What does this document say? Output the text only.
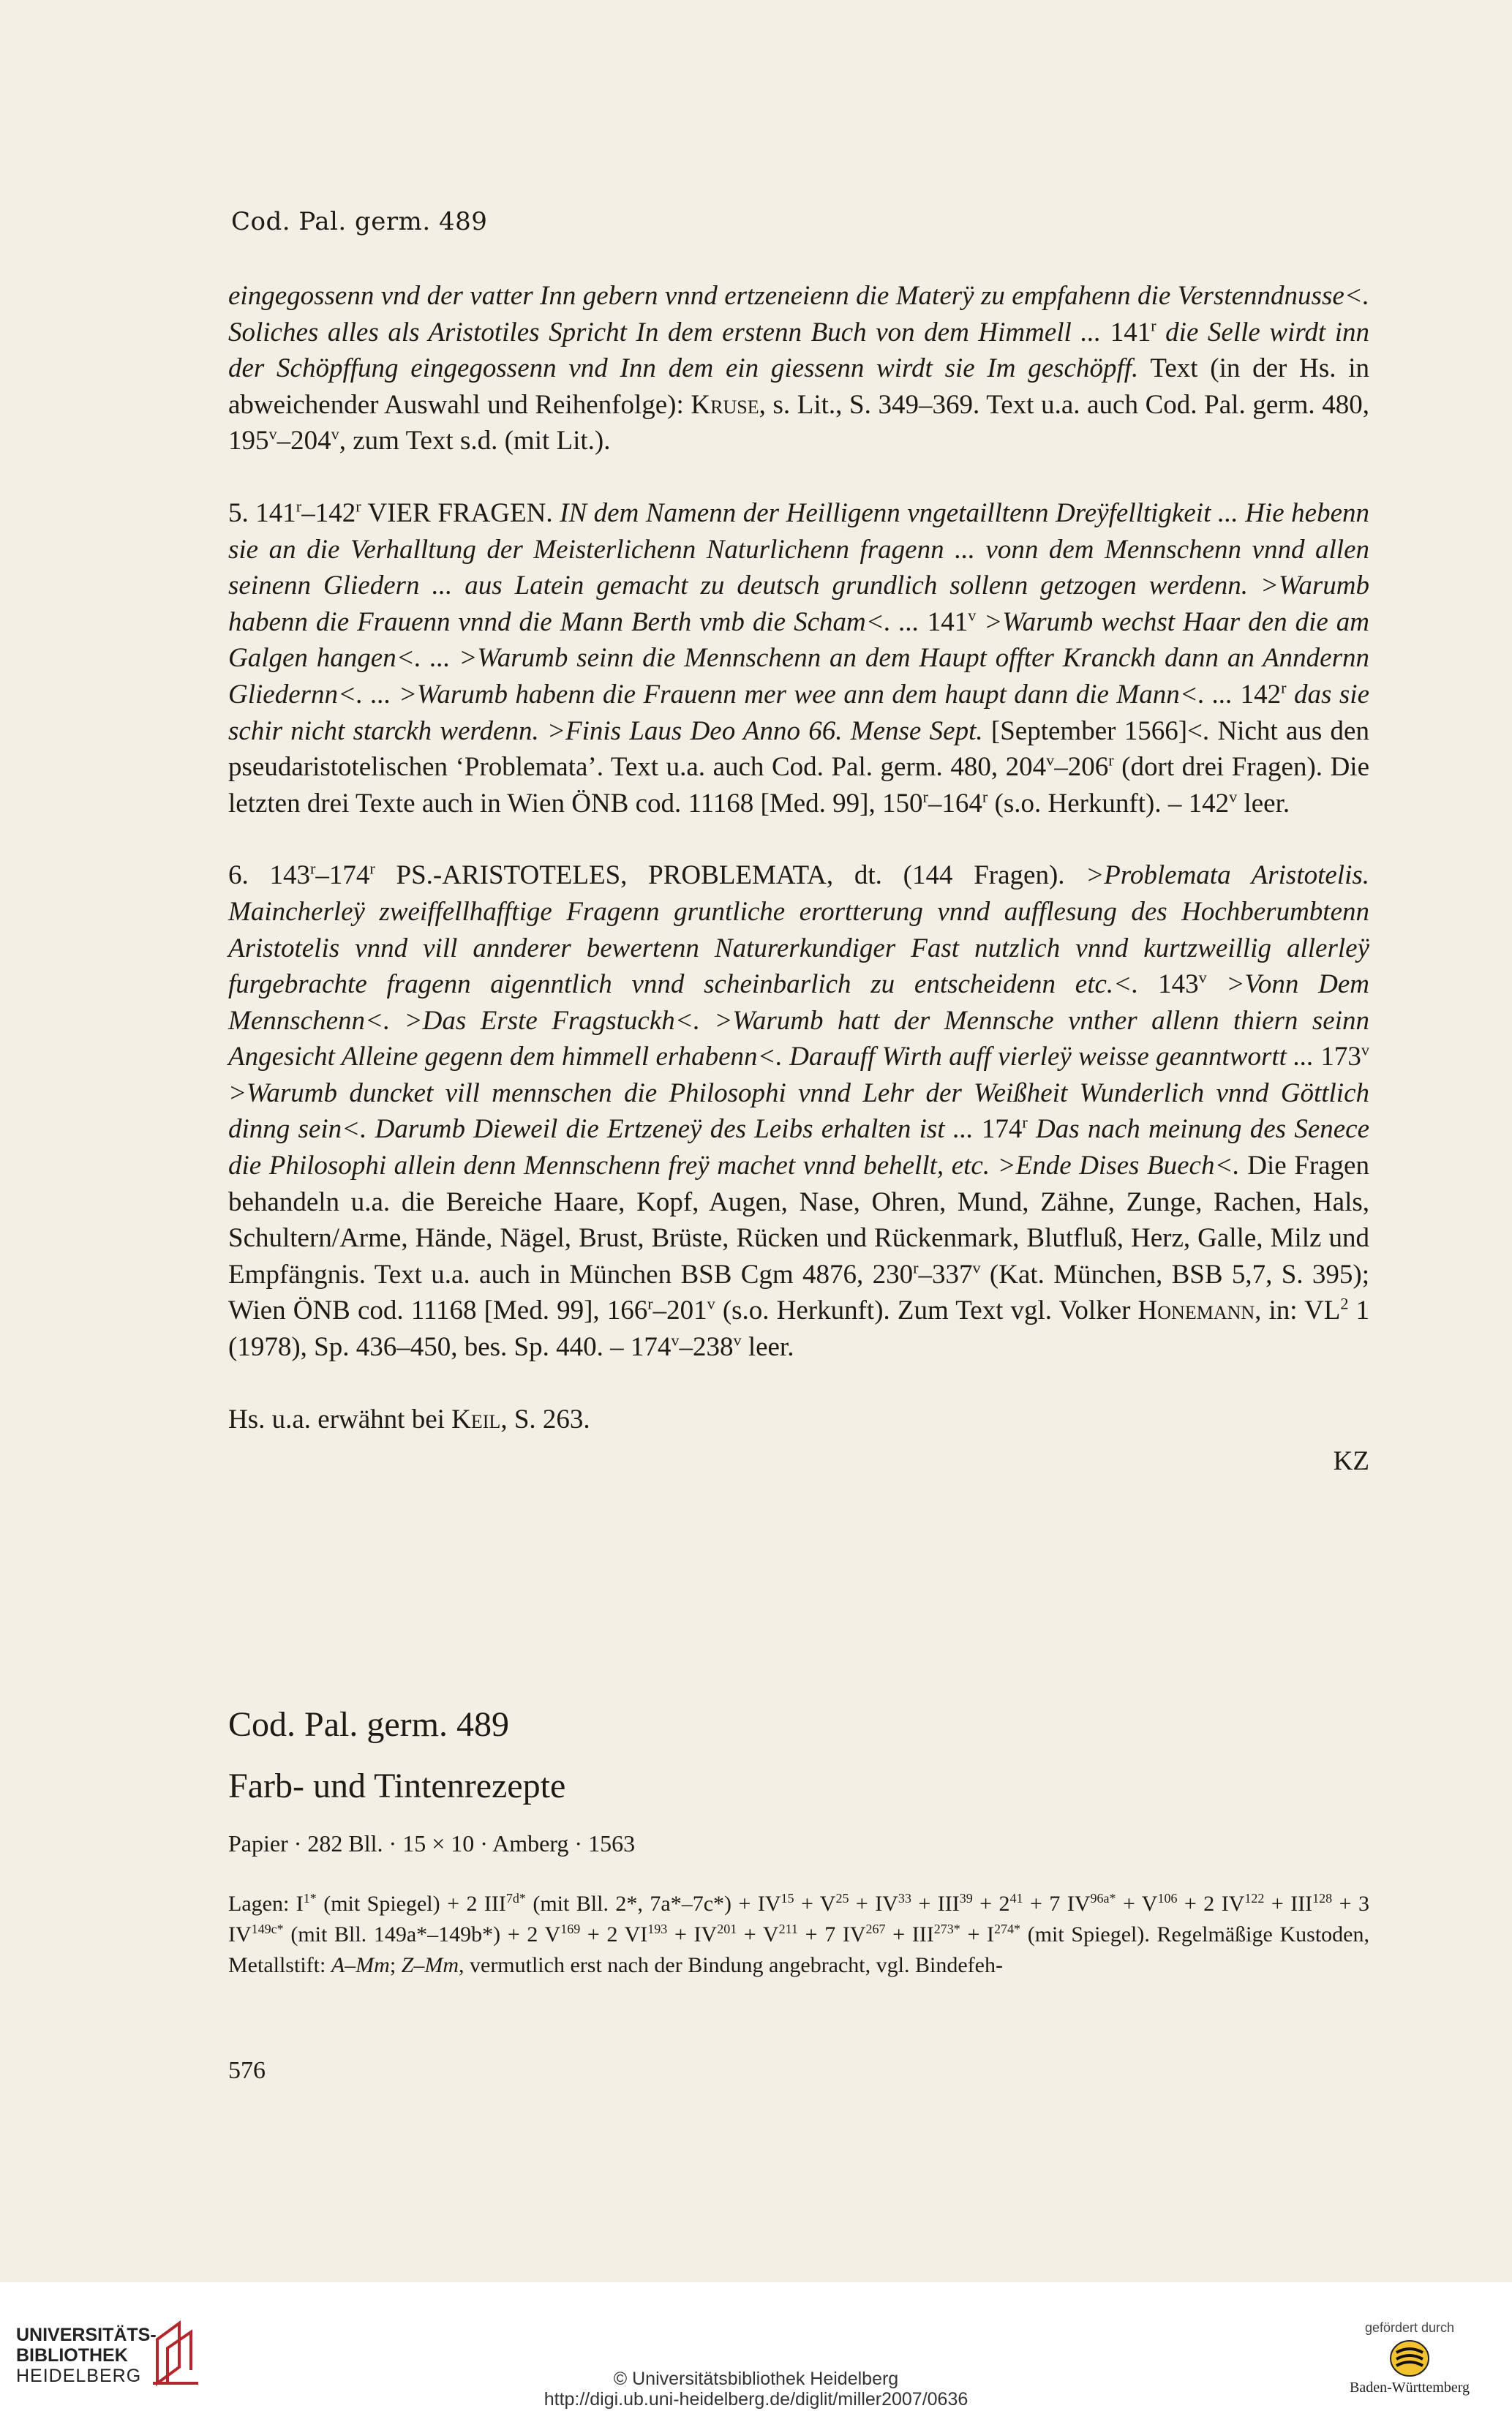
Cod. Pal. germ. 489

eingegossenn vnd der vatter Inn gebern vnnd ertzeneienn die Materÿ zu empfahenn die Verstenndnusse<. Soliches alles als Aristotiles Spricht In dem erstenn Buch von dem Himmell ... 141$^r$ die Selle wirdt inn der Schöpffung eingegossenn vnd Inn dem ein giessenn wirdt sie Im geschöpff. Text (in der Hs. in abweichender Auswahl und Reihenfolge): Kruse, s. Lit., S. 349–369. Text u.a. auch Cod. Pal. germ. 480, 195$^v$–204$^v$, zum Text s.d. (mit Lit.).

5. 141$^r$–142$^r$ VIER FRAGEN. IN dem Namenn der Heilligenn vngetailltenn Dreÿfelltigkeit ... Hie hebenn sie an die Verhalltung der Meisterlichenn Naturlichenn fragenn ... vonn dem Mennschenn vnnd allen seinenn Gliedern ... aus Latein gemacht zu deutsch grundlich sollenn getzogen werdenn. >Warumb habenn die Frauenn vnnd die Mann Berth vmb die Scham<. ... $141^v$ >Warumb wechst Haar den die am Galgen hangen<. ... >Warumb seinn die Mennschenn an dem Haupt offter Kranckh dann an Anndernn Gliedernn<. ... >Warumb habenn die Frauenn mer wee ann dem haupt dann die Mann<. ... 142$^r$ das sie schir nicht starckh werdenn. >Finis Laus Deo Anno 66. Mense Sept. [September 1566]<. Nicht aus den pseudaristotelischen ‘Problemata’. Text u.a. auch Cod. Pal. germ. 480, 204$^v$–206$^r$ (dort drei Fragen). Die letzten drei Texte auch in Wien ÖNB cod. 11168 [Med. 99], 150$^r$–164$^r$ (s.o. Herkunft). – 142$^v$ leer.

6. 143$^r$–174$^r$ PS.-ARISTOTELES, PROBLEMATA, dt. (144 Fragen). >Problemata Aristotelis. Maincherleÿ zweiffellhafftige Fragenn gruntliche erortterung vnnd aufflesung des Hochberumbtenn Aristotelis vnnd vill annderer bewertenn Naturerkundiger Fast nutzlich vnnd kurtzweillig allerleÿ furgebrachte fragenn aigenntlich vnnd scheinbarlich zu entscheidenn etc.<. $143^v$ >Vonn Dem Mennschenn<. >Das Erste Fragstuckh<. >Warumb hatt der Mennsche vnther allenn thiern seinn Angesicht Alleine gegenn dem himmell erhabenn<. Darauff Wirth auff vierleÿ weisse geanntwortt ... $173^v$ >Warumb duncket vill mennschen die Philosophi vnnd Lehr der Weißheit Wunderlich vnnd Göttlich dinng sein<. Darumb Dieweil die Ertzeneÿ des Leibs erhalten ist ... 174$^r$ Das nach meinung des Senece die Philosophi allein denn Mennschenn freÿ machet vnnd behellt, etc. >Ende Dises Buech<. Die Fragen behandeln u.a. die Bereiche Haare, Kopf, Augen, Nase, Ohren, Mund, Zähne, Zunge, Rachen, Hals, Schultern/Arme, Hände, Nägel, Brust, Brüste, Rücken und Rückenmark, Blutfluß, Herz, Galle, Milz und Empfängnis. Text u.a. auch in München BSB Cgm 4876, 230$^r$–337$^v$ (Kat. München, BSB 5,7, S. 395); Wien ÖNB cod. 11168 [Med. 99], 166$^r$–201$^v$ (s.o. Herkunft). Zum Text vgl. Volker Honemann, in: $VL^2$ 1 (1978), Sp. 436–450, bes. Sp. 440. – 174$^v$–238$^v$ leer.

Hs. u.a. erwähnt bei Keil, S. 263.

KZ

Cod. Pal. germ. 489
Farb- und Tintenrezepte
Papier · 282 Bll. · 15 × 10 · Amberg · 1563
Lagen: $I^{1*}$ (mit Spiegel) + 2 $III^{7d*}$ (mit Bll. 2*, $7a*-7c*) + IV^{15} + V^{25} + IV^{33} + III^{39} + 2^{41} + 7$ $IV^{96a*} + V^{106} + 2$ $IV^{122} + III^{128} + 3$ $IV^{149c*}$ (mit Bll. 149a*–149b*) + 2 $V^{169} + 2$ $VI^{193} + IV^{201} + V^{211} + 7$ $IV^{267} + III^{273*} + I^{274*}$ (mit Spiegel). Regelmäßige Kustoden, Metallstift: A–Mm; Z–Mm, vermutlich erst nach der Bindung angebracht, vgl. Bindefeh-
576
UNIVERSITÄTS-
BIBLIOTHEK
HEIDELBERG	© Universitätsbibliothek Heidelberg
http://digi.ub.uni-heidelberg.de/diglit/miller2007/0636
gefördert durch
Baden-Württemberg
